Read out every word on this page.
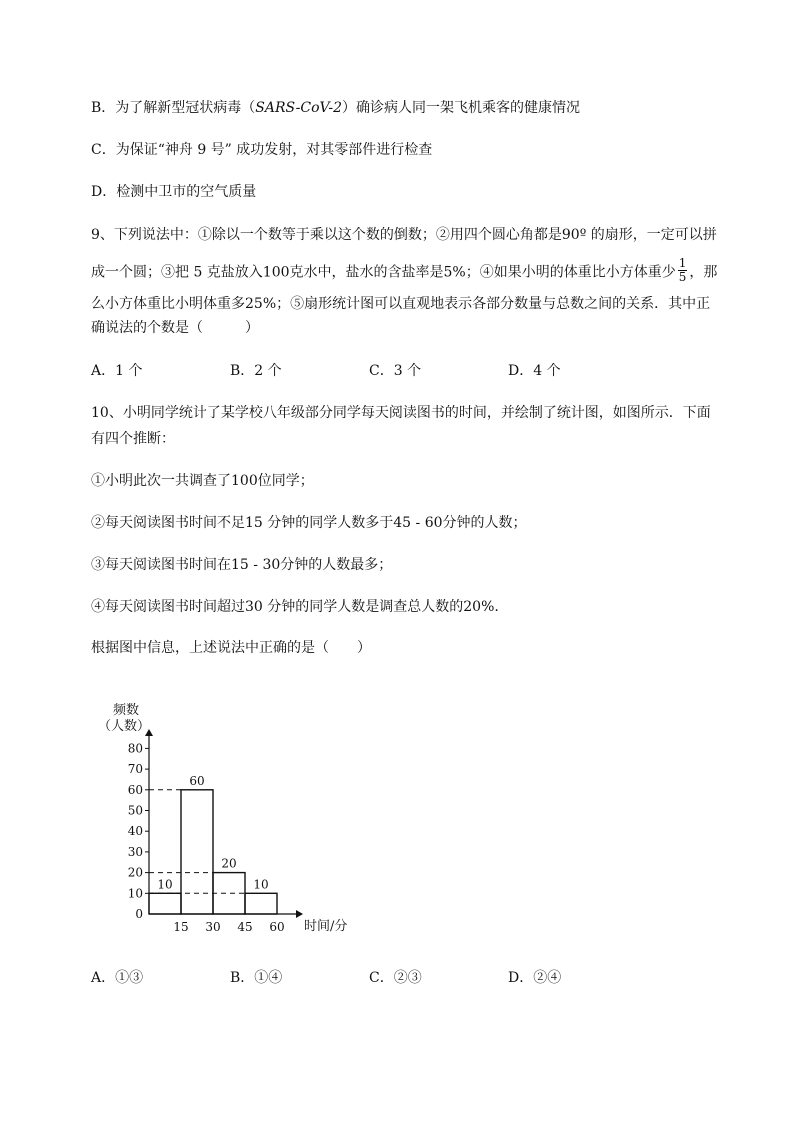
B．为了解新型冠状病毒（SARS-CoV-2）确诊病人同一架飞机乘客的健康情况
C．为保证“神舟 9 号” 成功发射，对其零部件进行检查
D．检测中卫市的空气质量
9、下列说法中：①除以一个数等于乘以这个数的倒数；②用四个圆心角都是90º 的扇形，一定可以拼
成一个圆；③把 5 克盐放入100克水中，盐水的含盐率是5%；④如果小明的体重比小方体重少 $\frac{1}{5}$ ，那
么小方体重比小明体重多25%；⑤扇形统计图可以直观地表示各部分数量与总数之间的关系．其中正
确说法的个数是（　　　）
A．1 个	B．2 个	C．3 个	D．4 个
10、小明同学统计了某学校八年级部分同学每天阅读图书的时间，并绘制了统计图，如图所示．下面
有四个推断：
①小明此次一共调查了100位同学；
②每天阅读图书时间不足15 分钟的同学人数多于45 - 60分钟的人数；
③每天阅读图书时间在15 - 30分钟的人数最多；
④每天阅读图书时间超过30 分钟的同学人数是调查总人数的20%.
根据图中信息，上述说法中正确的是（　　）
频数
（人数）
0
10
20
30
40
50
60
70
80
10
60
20
10
15 30 45 60 时间/分
A．①③	B．①④	C．②③	D．②④
